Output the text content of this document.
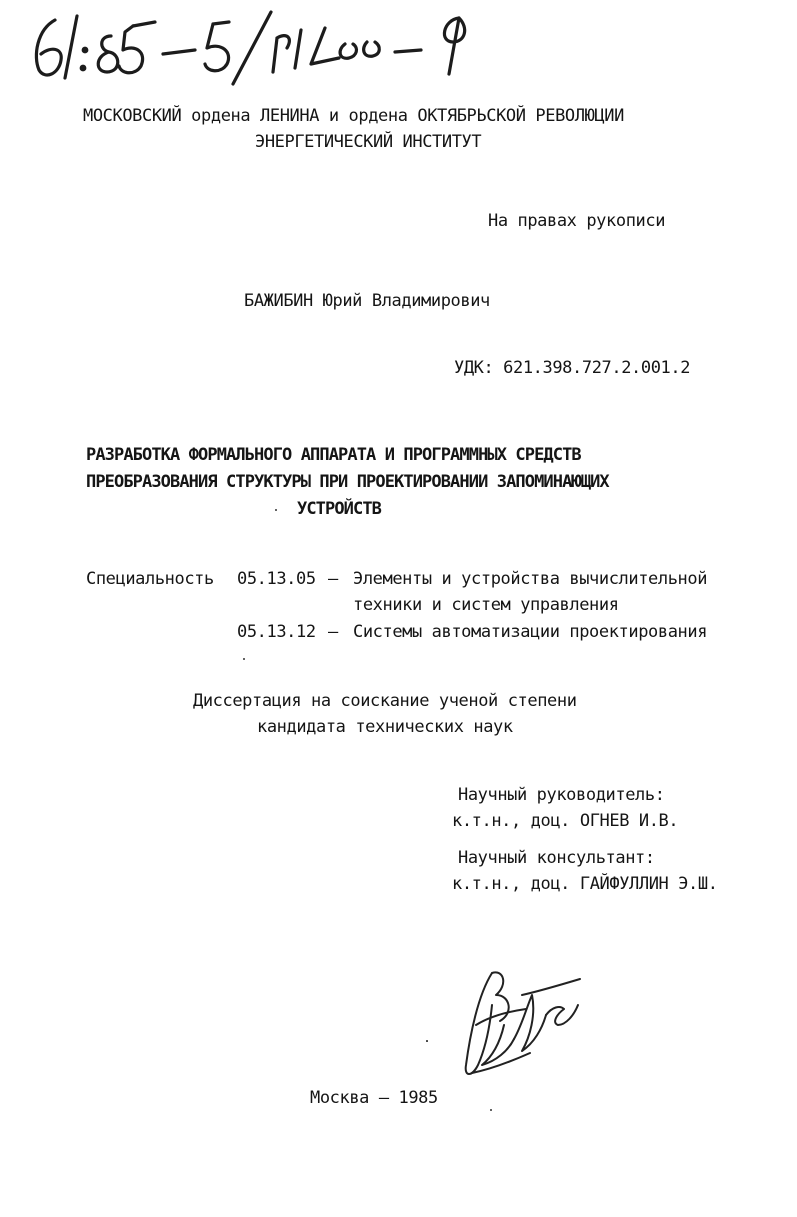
МОСКОВСКИЙ ордена ЛЕНИНА и ордена ОКТЯБРЬСКОЙ РЕВОЛЮЦИИ

ЭНЕРГЕТИЧЕСКИЙ ИНСТИТУТ

На правах рукописи

БАЖИБИН Юрий Владимирович

УДК: 621.398.727.2.001.2

РАЗРАБОТКА ФОРМАЛЬНОГО АППАРАТА И ПРОГРАММНЫХ СРЕДСТВ

ПРЕОБРАЗОВАНИЯ СТРУКТУРЫ ПРИ ПРОЕКТИРОВАНИИ ЗАПОМИНАЮЩИХ

УСТРОЙСТВ

Специальность 05.13.05 – Элементы и устройства вычислительной

техники и систем управления

05.13.12 – Системы автоматизации проектирования

Диссертация на соискание ученой степени

кандидата технических наук

Научный руководитель:

к.т.н., доц. ОГНЕВ И.В.

Научный консультант:

к.т.н., доц. ГАЙФУЛЛИН Э.Ш.

Москва – 1985
